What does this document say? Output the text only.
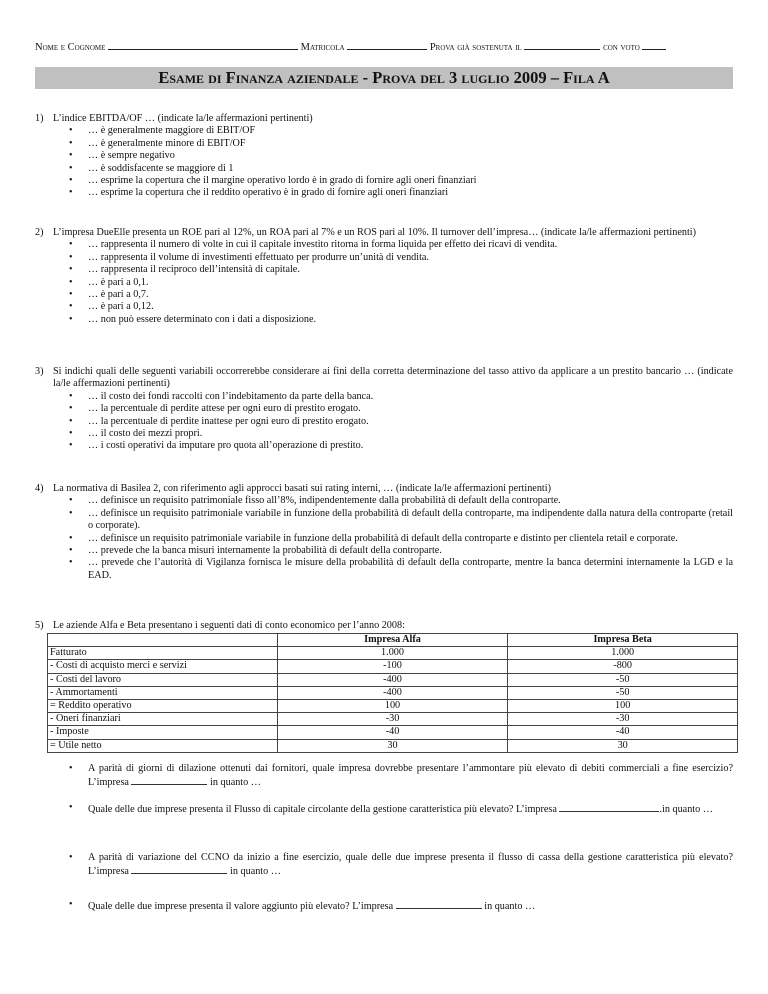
Nome e Cognome	Matricola	Prova già sostenuta il	con voto
Esame di Finanza aziendale - Prova del 3 luglio 2009 – Fila A
1) L’indice EBITDA/OF … (indicate la/le affermazioni pertinenti)
• … è generalmente maggiore di EBIT/OF
• … è generalmente minore di EBIT/OF
• … è sempre negativo
• … è soddisfacente se maggiore di 1
• … esprime la copertura che il margine operativo lordo è in grado di fornire agli oneri finanziari
• … esprime la copertura che il reddito operativo è in grado di fornire agli oneri finanziari
2) L’impresa DueElle presenta un ROE pari al 12%, un ROA pari al 7% e un ROS pari al 10%. Il turnover dell’impresa… (indicate la/le affermazioni pertinenti)
• … rappresenta il numero di volte in cui il capitale investito ritorna in forma liquida per effetto dei ricavi di vendita.
• … rappresenta il volume di investimenti effettuato per produrre un’unità di vendita.
• … rappresenta il reciproco dell’intensità di capitale.
• … è pari a 0,1.
• … è pari a 0,7.
• … è pari a 0,12.
• … non può essere determinato con i dati a disposizione.
3) Si indichi quali delle seguenti variabili occorrerebbe considerare ai fini della corretta determinazione del tasso attivo da applicare a un prestito bancario … (indicate la/le affermazioni pertinenti)
• … il costo dei fondi raccolti con l’indebitamento da parte della banca.
• … la percentuale di perdite attese per ogni euro di prestito erogato.
• … la percentuale di perdite inattese per ogni euro di prestito erogato.
• … il costo dei mezzi propri.
• … i costi operativi da imputare pro quota all’operazione di prestito.
4) La normativa di Basilea 2, con riferimento agli approcci basati sui rating interni, … (indicate la/le affermazioni pertinenti)
• … definisce un requisito patrimoniale fisso all’8%, indipendentemente dalla probabilità di default della controparte.
• … definisce un requisito patrimoniale variabile in funzione della probabilità di default della controparte, ma indipendente dalla natura della controparte (retail o corporate).
• … definisce un requisito patrimoniale variabile in funzione della probabilità di default della controparte e distinto per clientela retail e corporate.
• … prevede che la banca misuri internamente la probabilità di default della controparte.
• … prevede che l’autorità di Vigilanza fornisca le misure della probabilità di default della controparte, mentre la banca determini internamente la LGD e la EAD.
5) Le aziende Alfa e Beta presentano i seguenti dati di conto economico per l’anno 2008:
	Impresa Alfa	Impresa Beta
Fatturato	1.000	1.000
- Costi di acquisto merci e servizi	-100	-800
- Costi del lavoro	-400	-50
- Ammortamenti	-400	-50
= Reddito operativo	100	100
- Oneri finanziari	-30	-30
- Imposte	-40	-40
= Utile netto	30	30
• A parità di giorni di dilazione ottenuti dai fornitori, quale impresa dovrebbe presentare l’ammontare più elevato di debiti commerciali a fine esercizio? L’impresa	in quanto …
• Quale delle due imprese presenta il Flusso di capitale circolante della gestione caratteristica più elevato? L’impresa	.in quanto …
• A parità di variazione del CCNO da inizio a fine esercizio, quale delle due imprese presenta il flusso di cassa della gestione caratteristica più elevato? L’impresa	in quanto …
• Quale delle due imprese presenta il valore aggiunto più elevato? L’impresa	in quanto …
